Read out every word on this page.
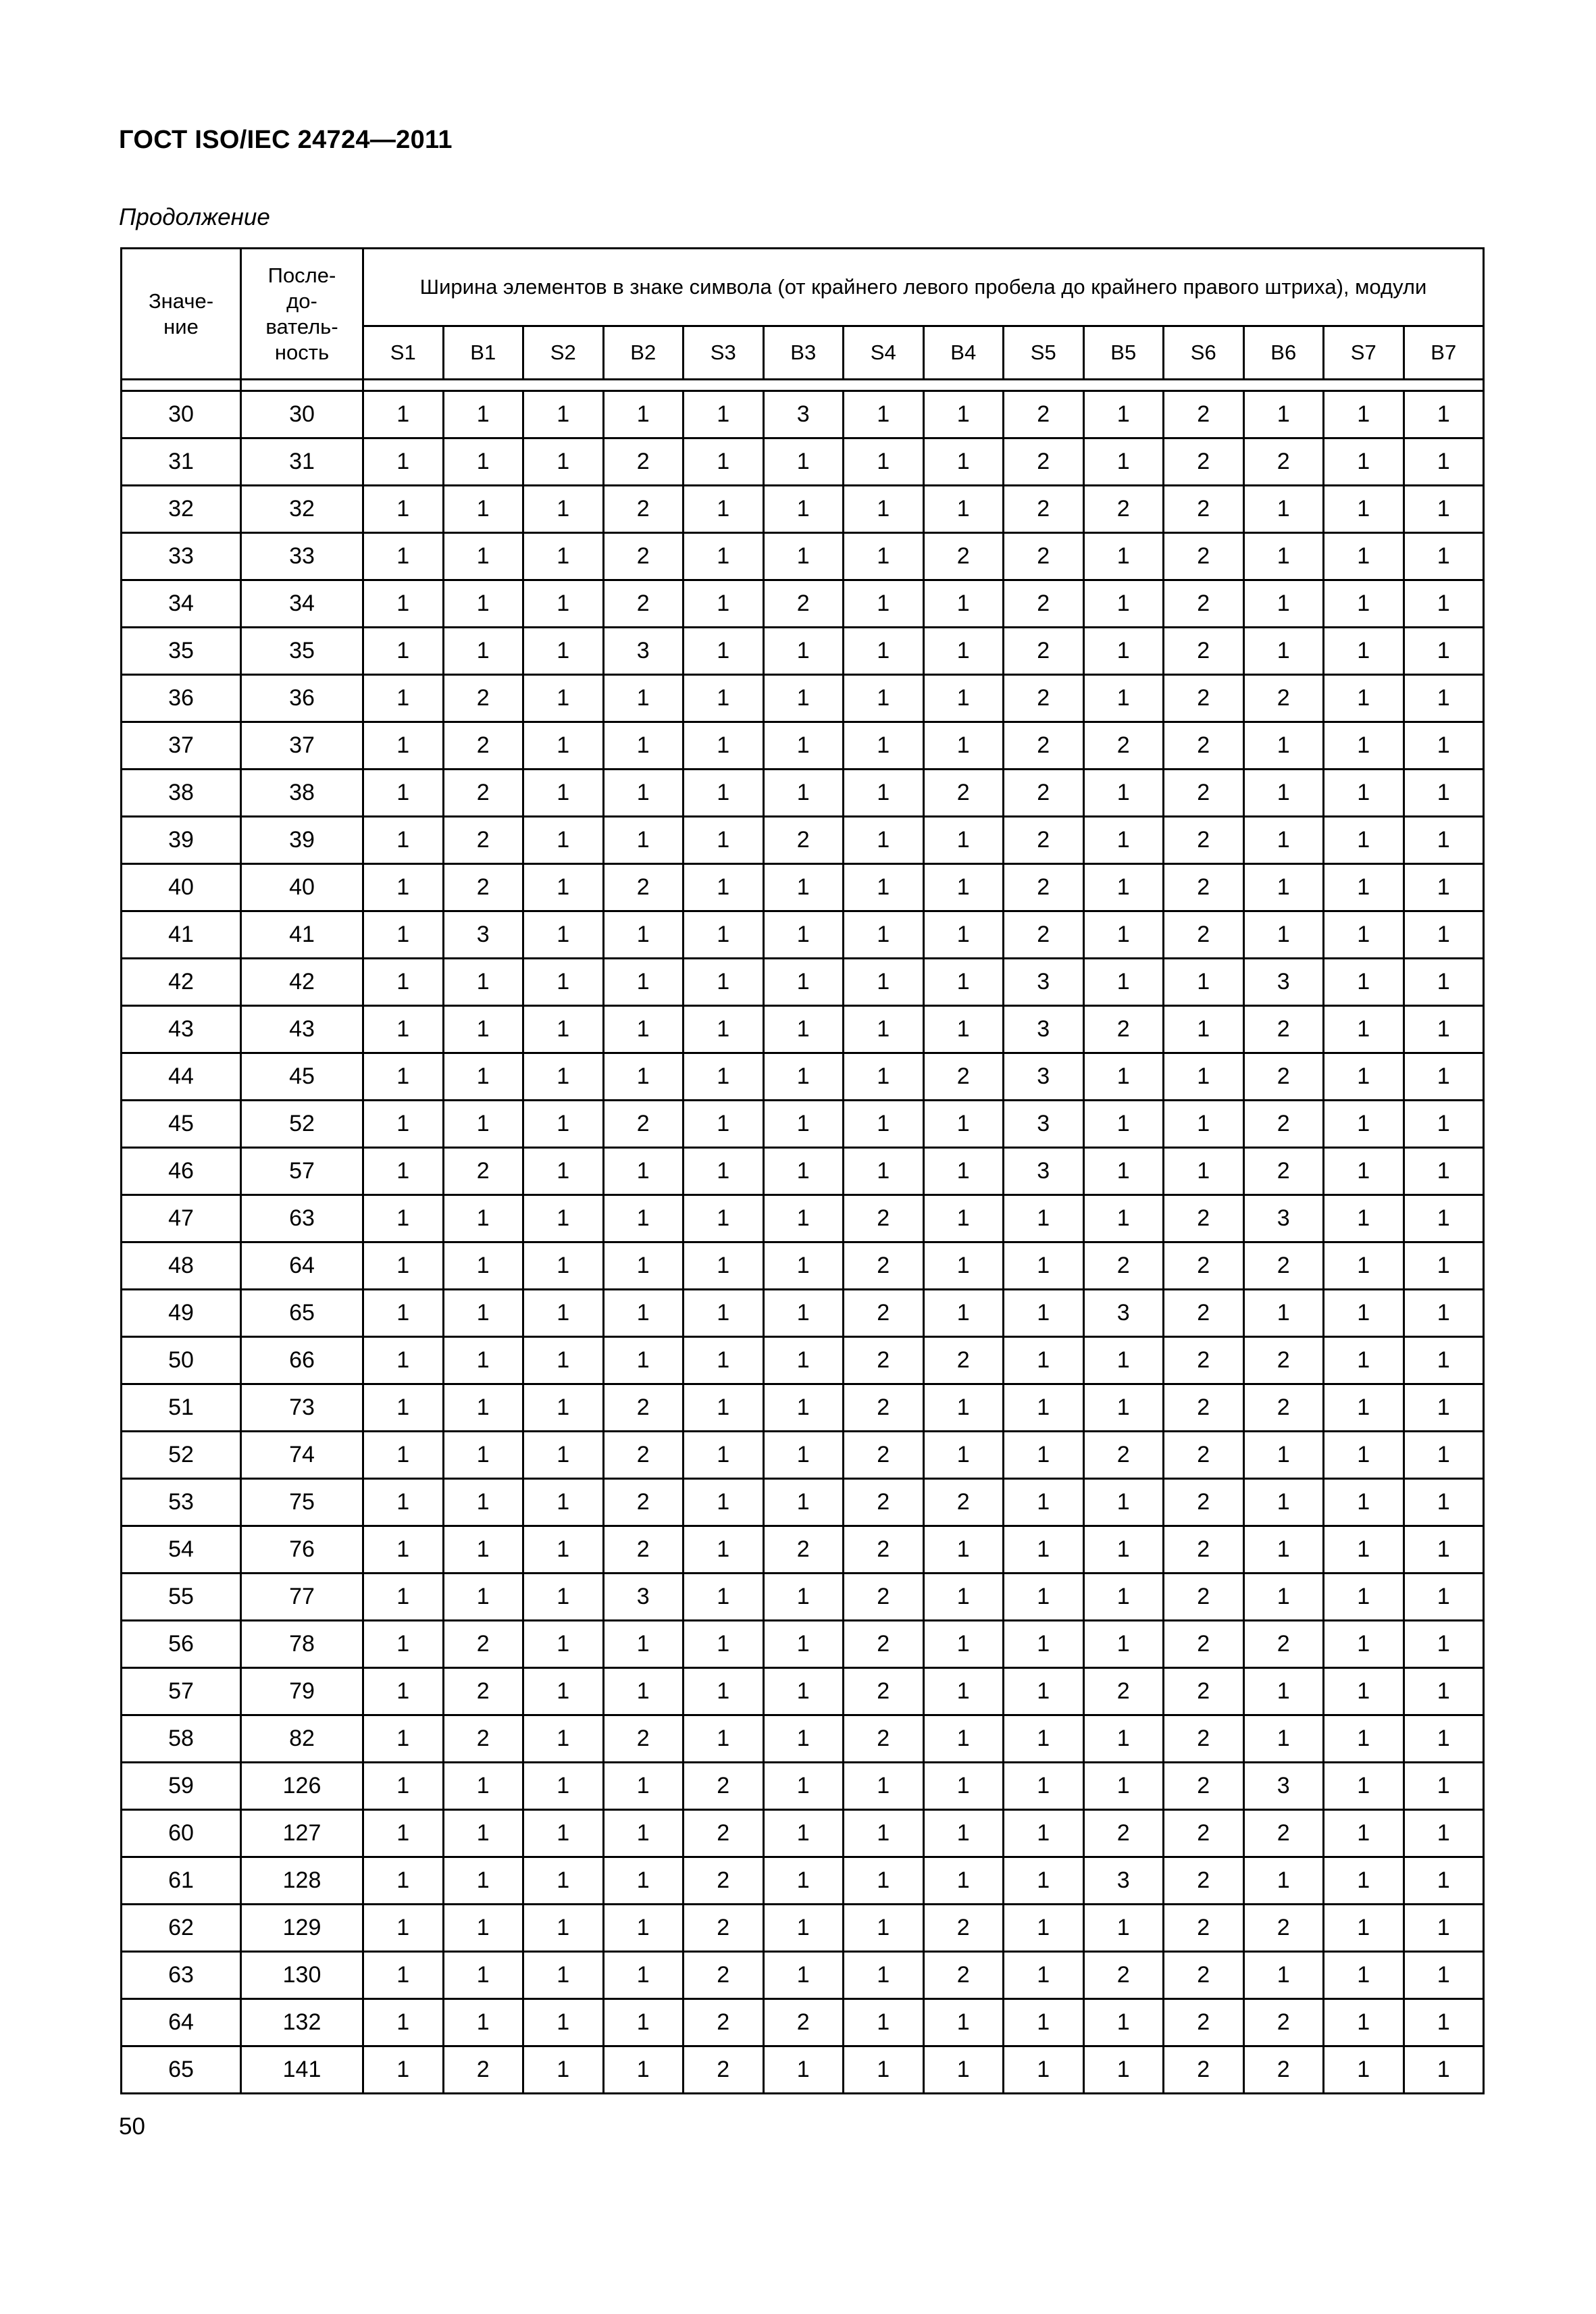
ГОСТ ISO/IEC 24724—2011
Продолжение
Значе-
ние	После-
до-
ватель-
ность	Ширина элементов в знаке символа (от крайнего левого пробела до крайнего правого штриха), модули													
		S1	B1	S2	B2	S3	B3	S4	B4	S5	B5	S6	B6	S7	B7

30	30	1	1	1	1	1	3	1	1	2	1	2	1	1	1
31	31	1	1	1	2	1	1	1	1	2	1	2	2	1	1
32	32	1	1	1	2	1	1	1	1	2	2	2	1	1	1
33	33	1	1	1	2	1	1	1	2	2	1	2	1	1	1
34	34	1	1	1	2	1	2	1	1	2	1	2	1	1	1
35	35	1	1	1	3	1	1	1	1	2	1	2	1	1	1
36	36	1	2	1	1	1	1	1	1	2	1	2	2	1	1
37	37	1	2	1	1	1	1	1	1	2	2	2	1	1	1
38	38	1	2	1	1	1	1	1	2	2	1	2	1	1	1
39	39	1	2	1	1	1	2	1	1	2	1	2	1	1	1
40	40	1	2	1	2	1	1	1	1	2	1	2	1	1	1
41	41	1	3	1	1	1	1	1	1	2	1	2	1	1	1
42	42	1	1	1	1	1	1	1	1	3	1	1	3	1	1
43	43	1	1	1	1	1	1	1	1	3	2	1	2	1	1
44	45	1	1	1	1	1	1	1	2	3	1	1	2	1	1
45	52	1	1	1	2	1	1	1	1	3	1	1	2	1	1
46	57	1	2	1	1	1	1	1	1	3	1	1	2	1	1
47	63	1	1	1	1	1	1	2	1	1	1	2	3	1	1
48	64	1	1	1	1	1	1	2	1	1	2	2	2	1	1
49	65	1	1	1	1	1	1	2	1	1	3	2	1	1	1
50	66	1	1	1	1	1	1	2	2	1	1	2	2	1	1
51	73	1	1	1	2	1	1	2	1	1	1	2	2	1	1
52	74	1	1	1	2	1	1	2	1	1	2	2	1	1	1
53	75	1	1	1	2	1	1	2	2	1	1	2	1	1	1
54	76	1	1	1	2	1	2	2	1	1	1	2	1	1	1
55	77	1	1	1	3	1	1	2	1	1	1	2	1	1	1
56	78	1	2	1	1	1	1	2	1	1	1	2	2	1	1
57	79	1	2	1	1	1	1	2	1	1	2	2	1	1	1
58	82	1	2	1	2	1	1	2	1	1	1	2	1	1	1
59	126	1	1	1	1	2	1	1	1	1	1	2	3	1	1
60	127	1	1	1	1	2	1	1	1	1	2	2	2	1	1
61	128	1	1	1	1	2	1	1	1	1	3	2	1	1	1
62	129	1	1	1	1	2	1	1	2	1	1	2	2	1	1
63	130	1	1	1	1	2	1	1	2	1	2	2	1	1	1
64	132	1	1	1	1	2	2	1	1	1	1	2	2	1	1
65	141	1	2	1	1	2	1	1	1	1	1	2	2	1	1
50
